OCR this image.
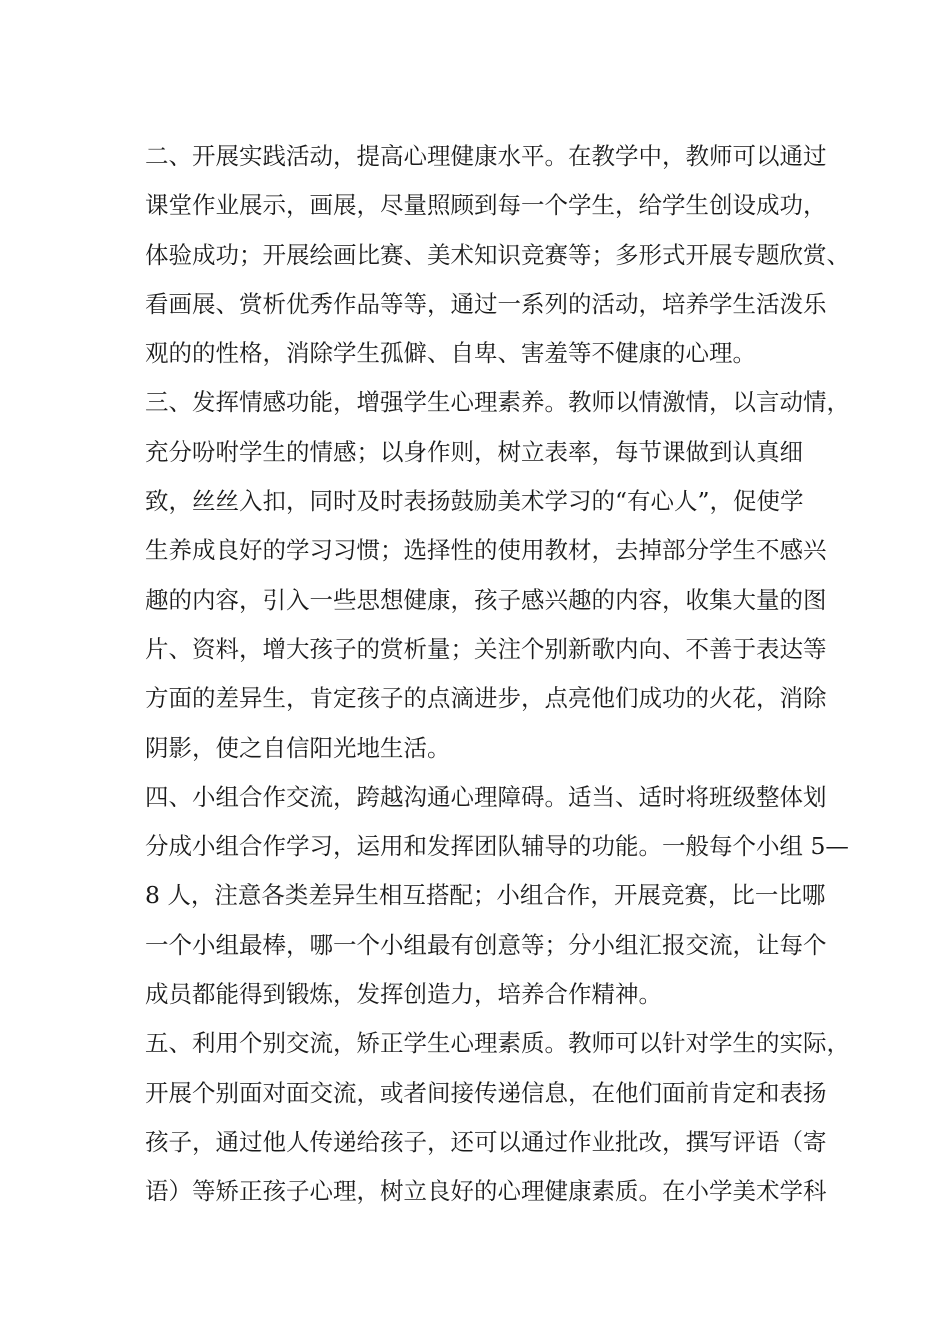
二、开展实践活动，提高心理健康水平。在教学中，教师可以通过
课堂作业展示，画展，尽量照顾到每一个学生，给学生创设成功，
体验成功；开展绘画比赛、美术知识竞赛等；多形式开展专题欣赏、
看画展、赏析优秀作品等等，通过一系列的活动，培养学生活泼乐
观的的性格，消除学生孤僻、自卑、害羞等不健康的心理。
三、发挥情感功能，增强学生心理素养。教师以情激情，以言动情，
充分吩咐学生的情感；以身作则，树立表率，每节课做到认真细
致，丝丝入扣，同时及时表扬鼓励美术学习的“有心人”，促使学
生养成良好的学习习惯；选择性的使用教材，去掉部分学生不感兴
趣的内容，引入一些思想健康，孩子感兴趣的内容，收集大量的图
片、资料，增大孩子的赏析量；关注个别新歌内向、不善于表达等
方面的差异生，肯定孩子的点滴进步，点亮他们成功的火花，消除
阴影，使之自信阳光地生活。
四、小组合作交流，跨越沟通心理障碍。适当、适时将班级整体划
分成小组合作学习，运用和发挥团队辅导的功能。一般每个小组 5—
8 人，注意各类差异生相互搭配；小组合作，开展竞赛，比一比哪
一个小组最棒，哪一个小组最有创意等；分小组汇报交流，让每个
成员都能得到锻炼，发挥创造力，培养合作精神。
五、利用个别交流，矫正学生心理素质。教师可以针对学生的实际，
开展个别面对面交流，或者间接传递信息，在他们面前肯定和表扬
孩子，通过他人传递给孩子，还可以通过作业批改，撰写评语（寄
语）等矫正孩子心理，树立良好的心理健康素质。在小学美术学科
